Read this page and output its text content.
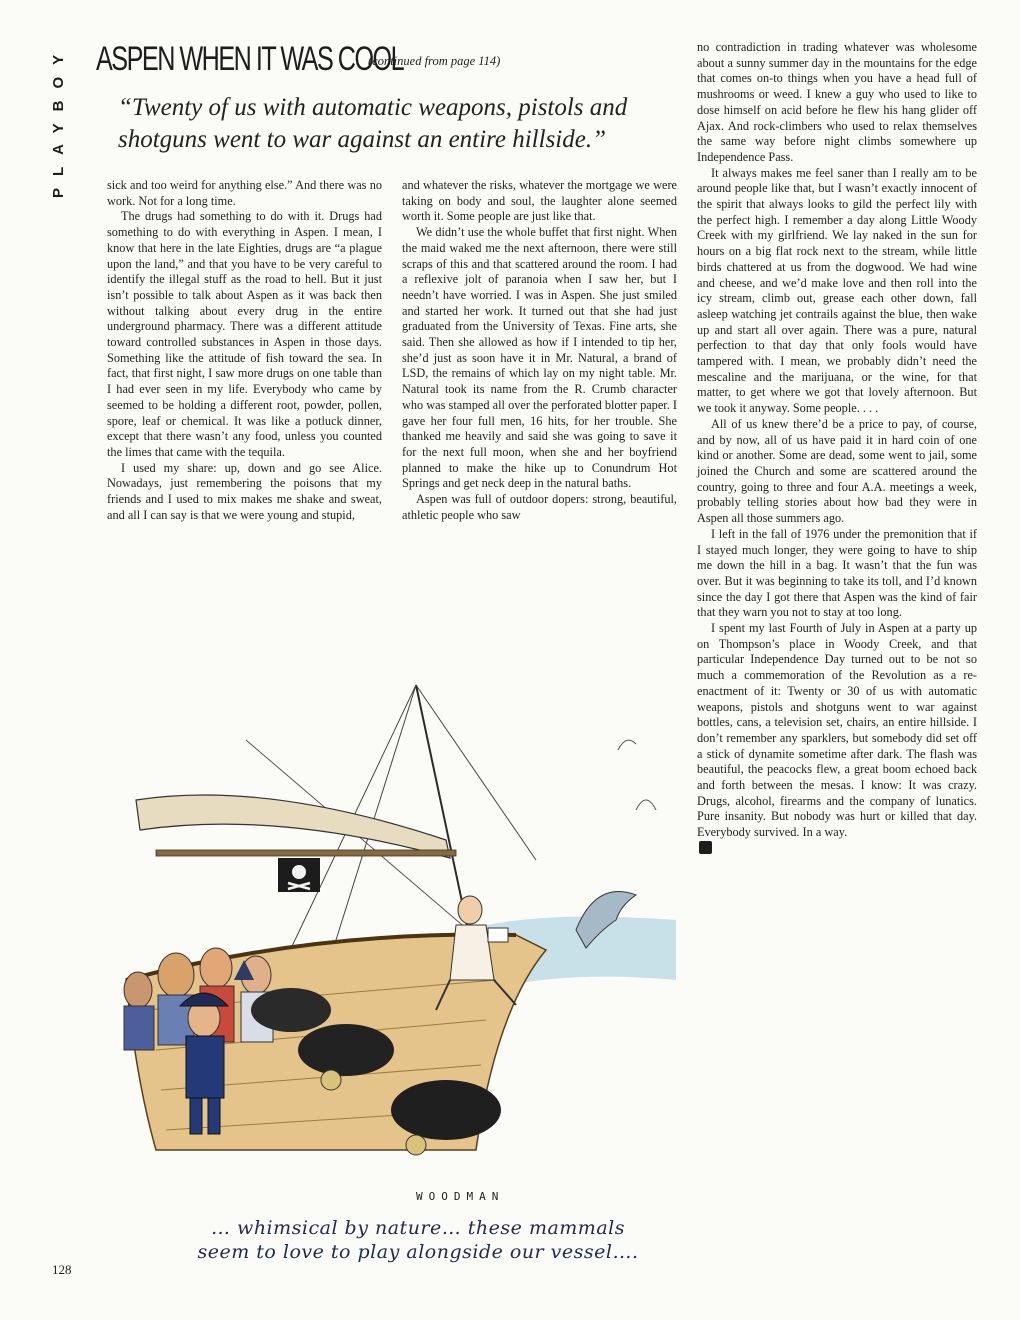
PLAYBOY ASPEN WHEN IT WAS COOL
(continued from page 114)
“Twenty of us with automatic weapons, pistols and shotguns went to war against an entire hillside.”

sick and too weird for anything else.” And there was no work. Not for a long time.

The drugs had something to do with it. Drugs had something to do with everything in Aspen. I mean, I know that here in the late Eighties, drugs are “a plague upon the land,” and that you have to be very careful to identify the illegal stuff as the road to hell. But it just isn’t possible to talk about Aspen as it was back then without talking about every drug in the entire underground pharmacy. There was a different attitude toward controlled substances in Aspen in those days. Something like the attitude of fish toward the sea. In fact, that first night, I saw more drugs on one table than I had ever seen in my life. Everybody who came by seemed to be holding a different root, powder, pollen, spore, leaf or chemical. It was like a potluck dinner, except that there wasn’t any food, unless you counted the limes that came with the tequila.

I used my share: up, down and go see Alice. Nowadays, just remembering the poisons that my friends and I used to mix makes me shake and sweat, and all I can say is that we were young and stupid,

and whatever the risks, whatever the mortgage we were taking on body and soul, the laughter alone seemed worth it. Some people are just like that.

We didn’t use the whole buffet that first night. When the maid waked me the next afternoon, there were still scraps of this and that scattered around the room. I had a reflexive jolt of paranoia when I saw her, but I needn’t have worried. I was in Aspen. She just smiled and started her work. It turned out that she had just graduated from the University of Texas. Fine arts, she said. Then she allowed as how if I intended to tip her, she’d just as soon have it in Mr. Natural, a brand of LSD, the remains of which lay on my night table. Mr. Natural took its name from the R. Crumb character who was stamped all over the perforated blotter paper. I gave her four full men, 16 hits, for her trouble. She thanked me heavily and said she was going to save it for the next full moon, when she and her boyfriend planned to make the hike up to Conundrum Hot Springs and get neck deep in the natural baths.

Aspen was full of outdoor dopers: strong, beautiful, athletic people who saw

no contradiction in trading whatever was wholesome about a sunny summer day in the mountains for the edge that comes on-to things when you have a head full of mushrooms or weed. I knew a guy who used to like to dose himself on acid before he flew his hang glider off Ajax. And rock-climbers who used to relax themselves the same way before night climbs somewhere up Independence Pass.

It always makes me feel saner than I really am to be around people like that, but I wasn’t exactly innocent of the spirit that always looks to gild the perfect lily with the perfect high. I remember a day along Little Woody Creek with my girlfriend. We lay naked in the sun for hours on a big flat rock next to the stream, while little birds chattered at us from the dogwood. We had wine and cheese, and we’d make love and then roll into the icy stream, climb out, grease each other down, fall asleep watching jet contrails against the blue, then wake up and start all over again. There was a pure, natural perfection to that day that only fools would have tampered with. I mean, we probably didn’t need the mescaline and the marijuana, or the wine, for that matter, to get where we got that lovely afternoon. But we took it anyway. Some people. . . .

All of us knew there’d be a price to pay, of course, and by now, all of us have paid it in hard coin of one kind or another. Some are dead, some went to jail, some joined the Church and some are scattered around the country, going to three and four A.A. meetings a week, probably telling stories about how bad they were in Aspen all those summers ago.

I left in the fall of 1976 under the premonition that if I stayed much longer, they were going to have to ship me down the hill in a bag. It wasn’t that the fun was over. But it was beginning to take its toll, and I’d known since the day I got there that Aspen was the kind of fair that they warn you not to stay at too long.

I spent my last Fourth of July in Aspen at a party up on Thompson’s place in Woody Creek, and that particular Independence Day turned out to be not so much a commemoration of the Revolution as a re-enactment of it: Twenty or 30 of us with automatic weapons, pistols and shotguns went to war against bottles, cans, a television set, chairs, an entire hillside. I don’t remember any sparklers, but somebody did set off a stick of dynamite sometime after dark. The flash was beautiful, the peacocks flew, a great boom echoed back and forth between the mesas. I know: It was crazy. Drugs, alcohol, firearms and the company of lunatics. Pure insanity. But nobody was hurt or killed that day. Everybody survived. In a way.

WOODMAN
… whimsical by nature… these mammals
seem to love to play alongside our vessel….
128
